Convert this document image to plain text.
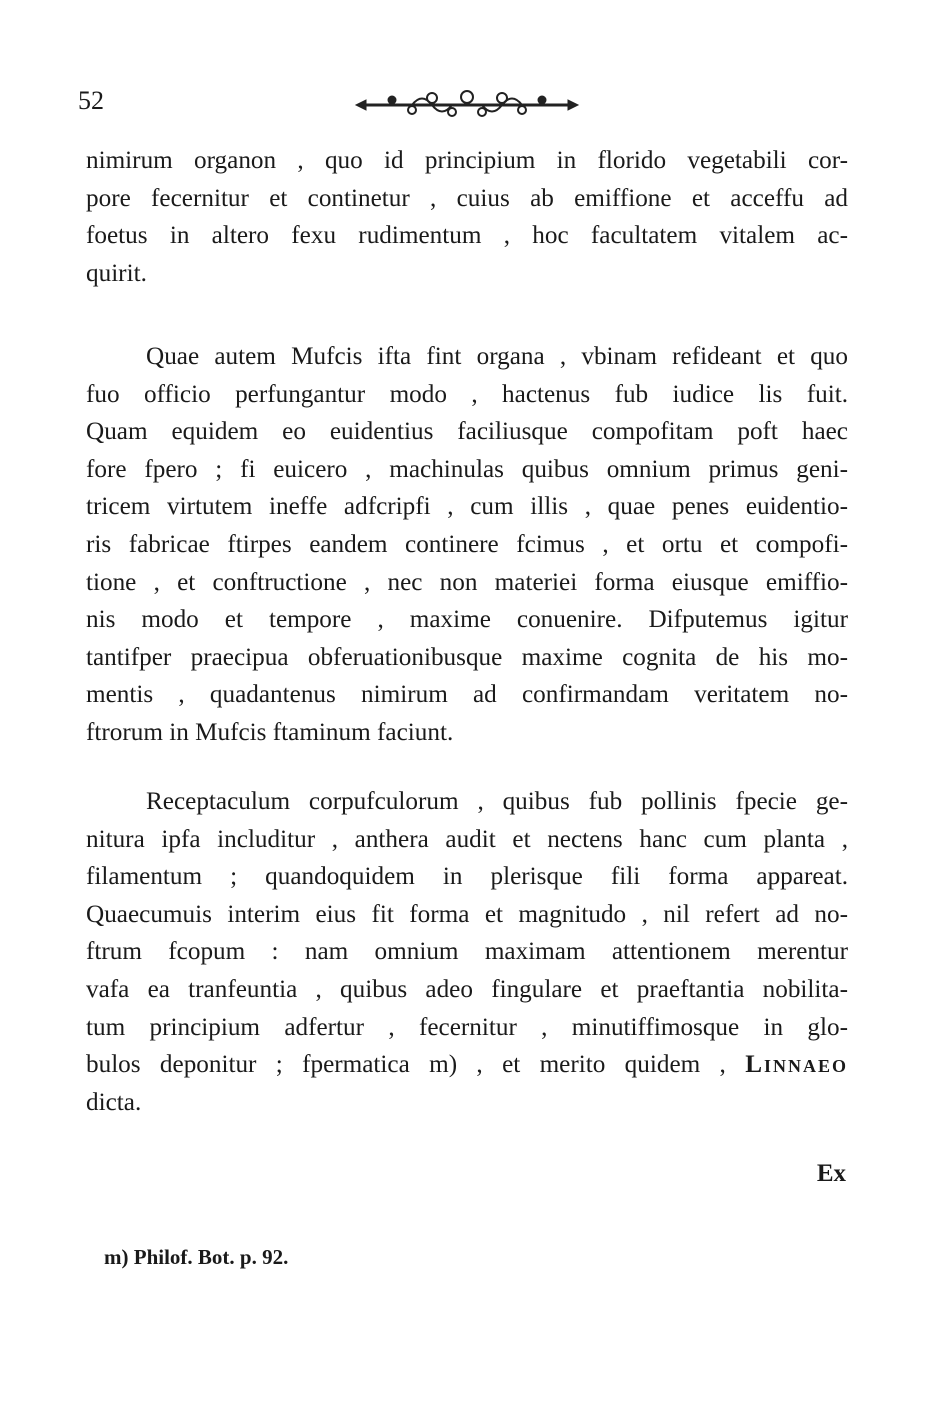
52
nimirum organon , quo id principium in florido vegetabili cor-
pore fecernitur et continetur , cuius ab emiffione et acceffu ad
foetus in altero fexu rudimentum , hoc facultatem vitalem ac-
quirit.
Quae autem Mufcis ifta fint organa , vbinam refideant et quo
fuo officio perfungantur modo , hactenus fub iudice lis fuit.
Quam equidem eo euidentius faciliusque compofitam poft haec
fore fpero ; fi euicero , machinulas quibus omnium primus geni-
tricem virtutem ineffe adfcripfi , cum illis , quae penes euidentio-
ris fabricae ftirpes eandem continere fcimus , et ortu et compofi-
tione , et conftructione , nec non materiei forma eiusque emiffio-
nis modo et tempore , maxime conuenire. Difputemus igitur
tantifper praecipua obferuationibusque maxime cognita de his mo-
mentis , quadantenus nimirum ad confirmandam veritatem no-
ftrorum in Mufcis ftaminum faciunt.
Receptaculum corpufculorum , quibus fub pollinis fpecie ge-
nitura ipfa includitur , anthera audit et nectens hanc cum planta ,
filamentum ; quandoquidem in plerisque fili forma appareat.
Quaecumuis interim eius fit forma et magnitudo , nil refert ad no-
ftrum fcopum : nam omnium maximam attentionem merentur
vafa ea tranfeuntia , quibus adeo fingulare et praeftantia nobilita-
tum principium adfertur , fecernitur , minutiffimosque in glo-
bulos deponitur ; fpermatica m) , et merito quidem , Linnaeo
dicta.
Ex
m) Philof. Bot. p. 92.
